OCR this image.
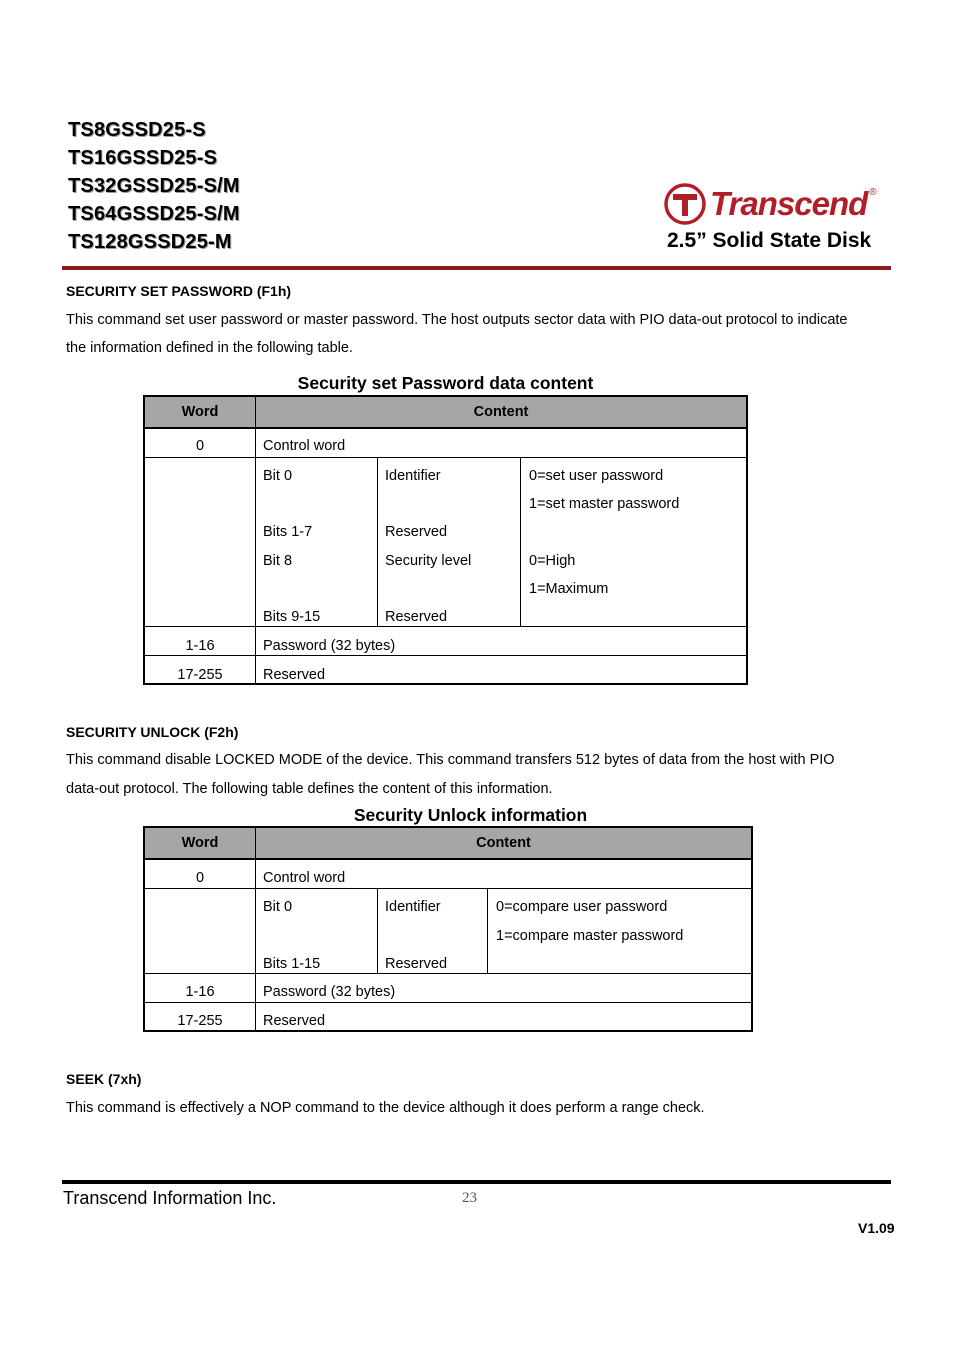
TS8GSSD25-S
TS16GSSD25-S
TS32GSSD25-S/M
TS64GSSD25-S/M
TS128GSSD25-M
Transcend ®
2.5” Solid State Disk
SECURITY SET PASSWORD (F1h)
This command set user password or master password. The host outputs sector data with PIO data-out protocol to indicate
the information defined in the following table.
Security set Password data content
Word	Content
0	Control word
Bit 0	Identifier	0=set user password
1=set master password
Bits 1-7	Reserved
Bit 8	Security level	0=High
1=Maximum
Bits 9-15	Reserved
1-16	Password (32 bytes)
17-255	Reserved
SECURITY UNLOCK (F2h)
This command disable LOCKED MODE of the device. This command transfers 512 bytes of data from the host with PIO
data-out protocol. The following table defines the content of this information.
Security Unlock information
Word	Content
0	Control word
Bit 0	Identifier	0=compare user password
1=compare master password
Bits 1-15	Reserved
1-16	Password (32 bytes)
17-255	Reserved
SEEK (7xh)
This command is effectively a NOP command to the device although it does perform a range check.
Transcend Information Inc.	23
V1.09
